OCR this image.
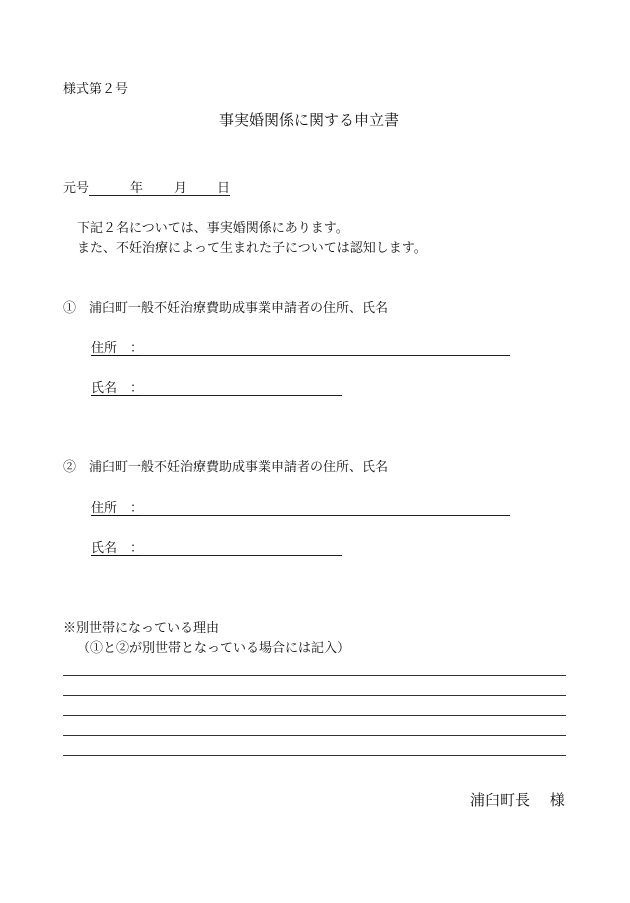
様式第２号
事実婚関係に関する申立書
元号	年 月 日
下記２名については、事実婚関係にあります。
また、不妊治療によって生まれた子については認知します。
①　浦臼町一般不妊治療費助成事業申請者の住所、氏名
住所　：
氏名　：
②　浦臼町一般不妊治療費助成事業申請者の住所、氏名
住所　：
氏名　：
※別世帯になっている理由
（①と②が別世帯となっている場合には記入）
浦臼町長　 様
